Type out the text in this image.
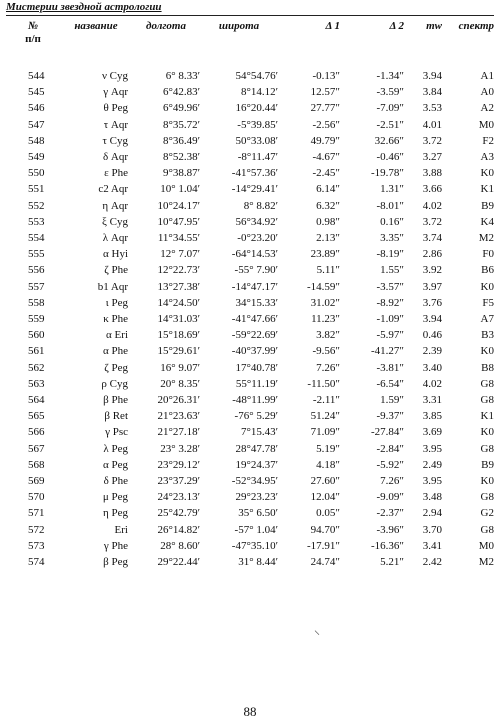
Мистерии звездной астрологии
№	название	долгота	широта	Δ 1	Δ 2	mw	спектр
п/п							
544	ν Cyg	6° 8.33′	54°54.76′	-0.13″	-1.34″	3.94	A1
545	γ Aqr	6°42.83′	8°14.12′	12.57″	-3.59″	3.84	A0
546	θ Peg	6°49.96′	16°20.44′	27.77″	-7.09″	3.53	A2
547	τ Aqr	8°35.72′	-5°39.85′	-2.56″	-2.51″	4.01	M0
548	τ Cyg	8°36.49′	50°33.08′	49.79″	32.66″	3.72	F2
549	δ Aqr	8°52.38′	-8°11.47′	-4.67″	-0.46″	3.27	A3
550	ε Phe	9°38.87′	-41°57.36′	-2.45″	-19.78″	3.88	K0
551	c2 Aqr	10° 1.04′	-14°29.41′	6.14″	1.31″	3.66	K1
552	η Aqr	10°24.17′	8° 8.82′	6.32″	-8.01″	4.02	B9
553	ξ Cyg	10°47.95′	56°34.92′	0.98″	0.16″	3.72	K4
554	λ Aqr	11°34.55′	-0°23.20′	2.13″	3.35″	3.74	M2
555	α Hyi	12° 7.07′	-64°14.53′	23.89″	-8.19″	2.86	F0
556	ζ Phe	12°22.73′	-55° 7.90′	5.11″	1.55″	3.92	B6
557	b1 Aqr	13°27.38′	-14°47.17′	-14.59″	-3.57″	3.97	K0
558	ι Peg	14°24.50′	34°15.33′	31.02″	-8.92″	3.76	F5
559	κ Phe	14°31.03′	-41°47.66′	11.23″	-1.09″	3.94	A7
560	α Eri	15°18.69′	-59°22.69′	3.82″	-5.97″	0.46	B3
561	α Phe	15°29.61′	-40°37.99′	-9.56″	-41.27″	2.39	K0
562	ζ Peg	16° 9.07′	17°40.78′	7.26″	-3.81″	3.40	B8
563	ρ Cyg	20° 8.35′	55°11.19′	-11.50″	-6.54″	4.02	G8
564	β Phe	20°26.31′	-48°11.99′	-2.11″	1.59″	3.31	G8
565	β Ret	21°23.63′	-76° 5.29′	51.24″	-9.37″	3.85	K1
566	γ Psc	21°27.18′	7°15.43′	71.09″	-27.84″	3.69	K0
567	λ Peg	23° 3.28′	28°47.78′	5.19″	-2.84″	3.95	G8
568	α Peg	23°29.12′	19°24.37′	4.18″	-5.92″	2.49	B9
569	δ Phe	23°37.29′	-52°34.95′	27.60″	7.26″	3.95	K0
570	μ Peg	24°23.13′	29°23.23′	12.04″	-9.09″	3.48	G8
571	η Peg	25°42.79′	35° 6.50′	0.05″	-2.37″	2.94	G2
572	Eri	26°14.82′	-57° 1.04′	94.70″	-3.96″	3.70	G8
573	γ Phe	28° 8.60′	-47°35.10′	-17.91″	-16.36″	3.41	M0
574	β Peg	29°22.44′	31° 8.44′	24.74″	5.21″	2.42	M2
⸌
88
